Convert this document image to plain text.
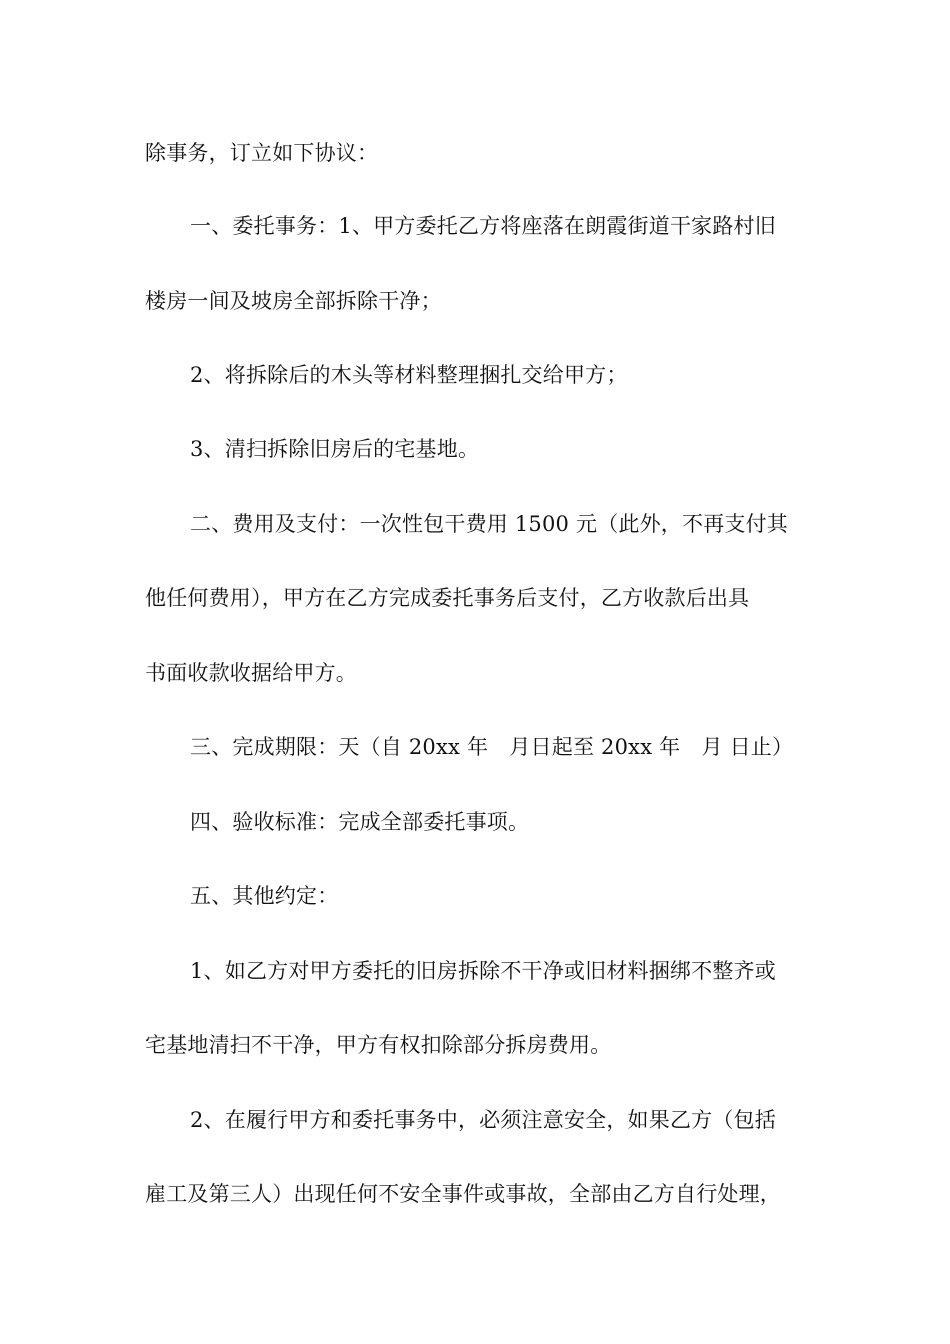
除事务，订立如下协议：
一、委托事务：1、甲方委托乙方将座落在朗霞街道干家路村旧
楼房一间及坡房全部拆除干净；
2、将拆除后的木头等材料整理捆扎交给甲方；
3、清扫拆除旧房后的宅基地。
二、费用及支付：一次性包干费用 1500 元（此外，不再支付其
他任何费用），甲方在乙方完成委托事务后支付，乙方收款后出具
书面收款收据给甲方。
三、完成期限：天（自 20xx 年　月日起至 20xx 年　月 日止）
四、验收标准：完成全部委托事项。
五、其他约定：
1、如乙方对甲方委托的旧房拆除不干净或旧材料捆绑不整齐或
宅基地清扫不干净，甲方有权扣除部分拆房费用。
2、在履行甲方和委托事务中，必须注意安全，如果乙方（包括
雇工及第三人）出现任何不安全事件或事故，全部由乙方自行处理，
